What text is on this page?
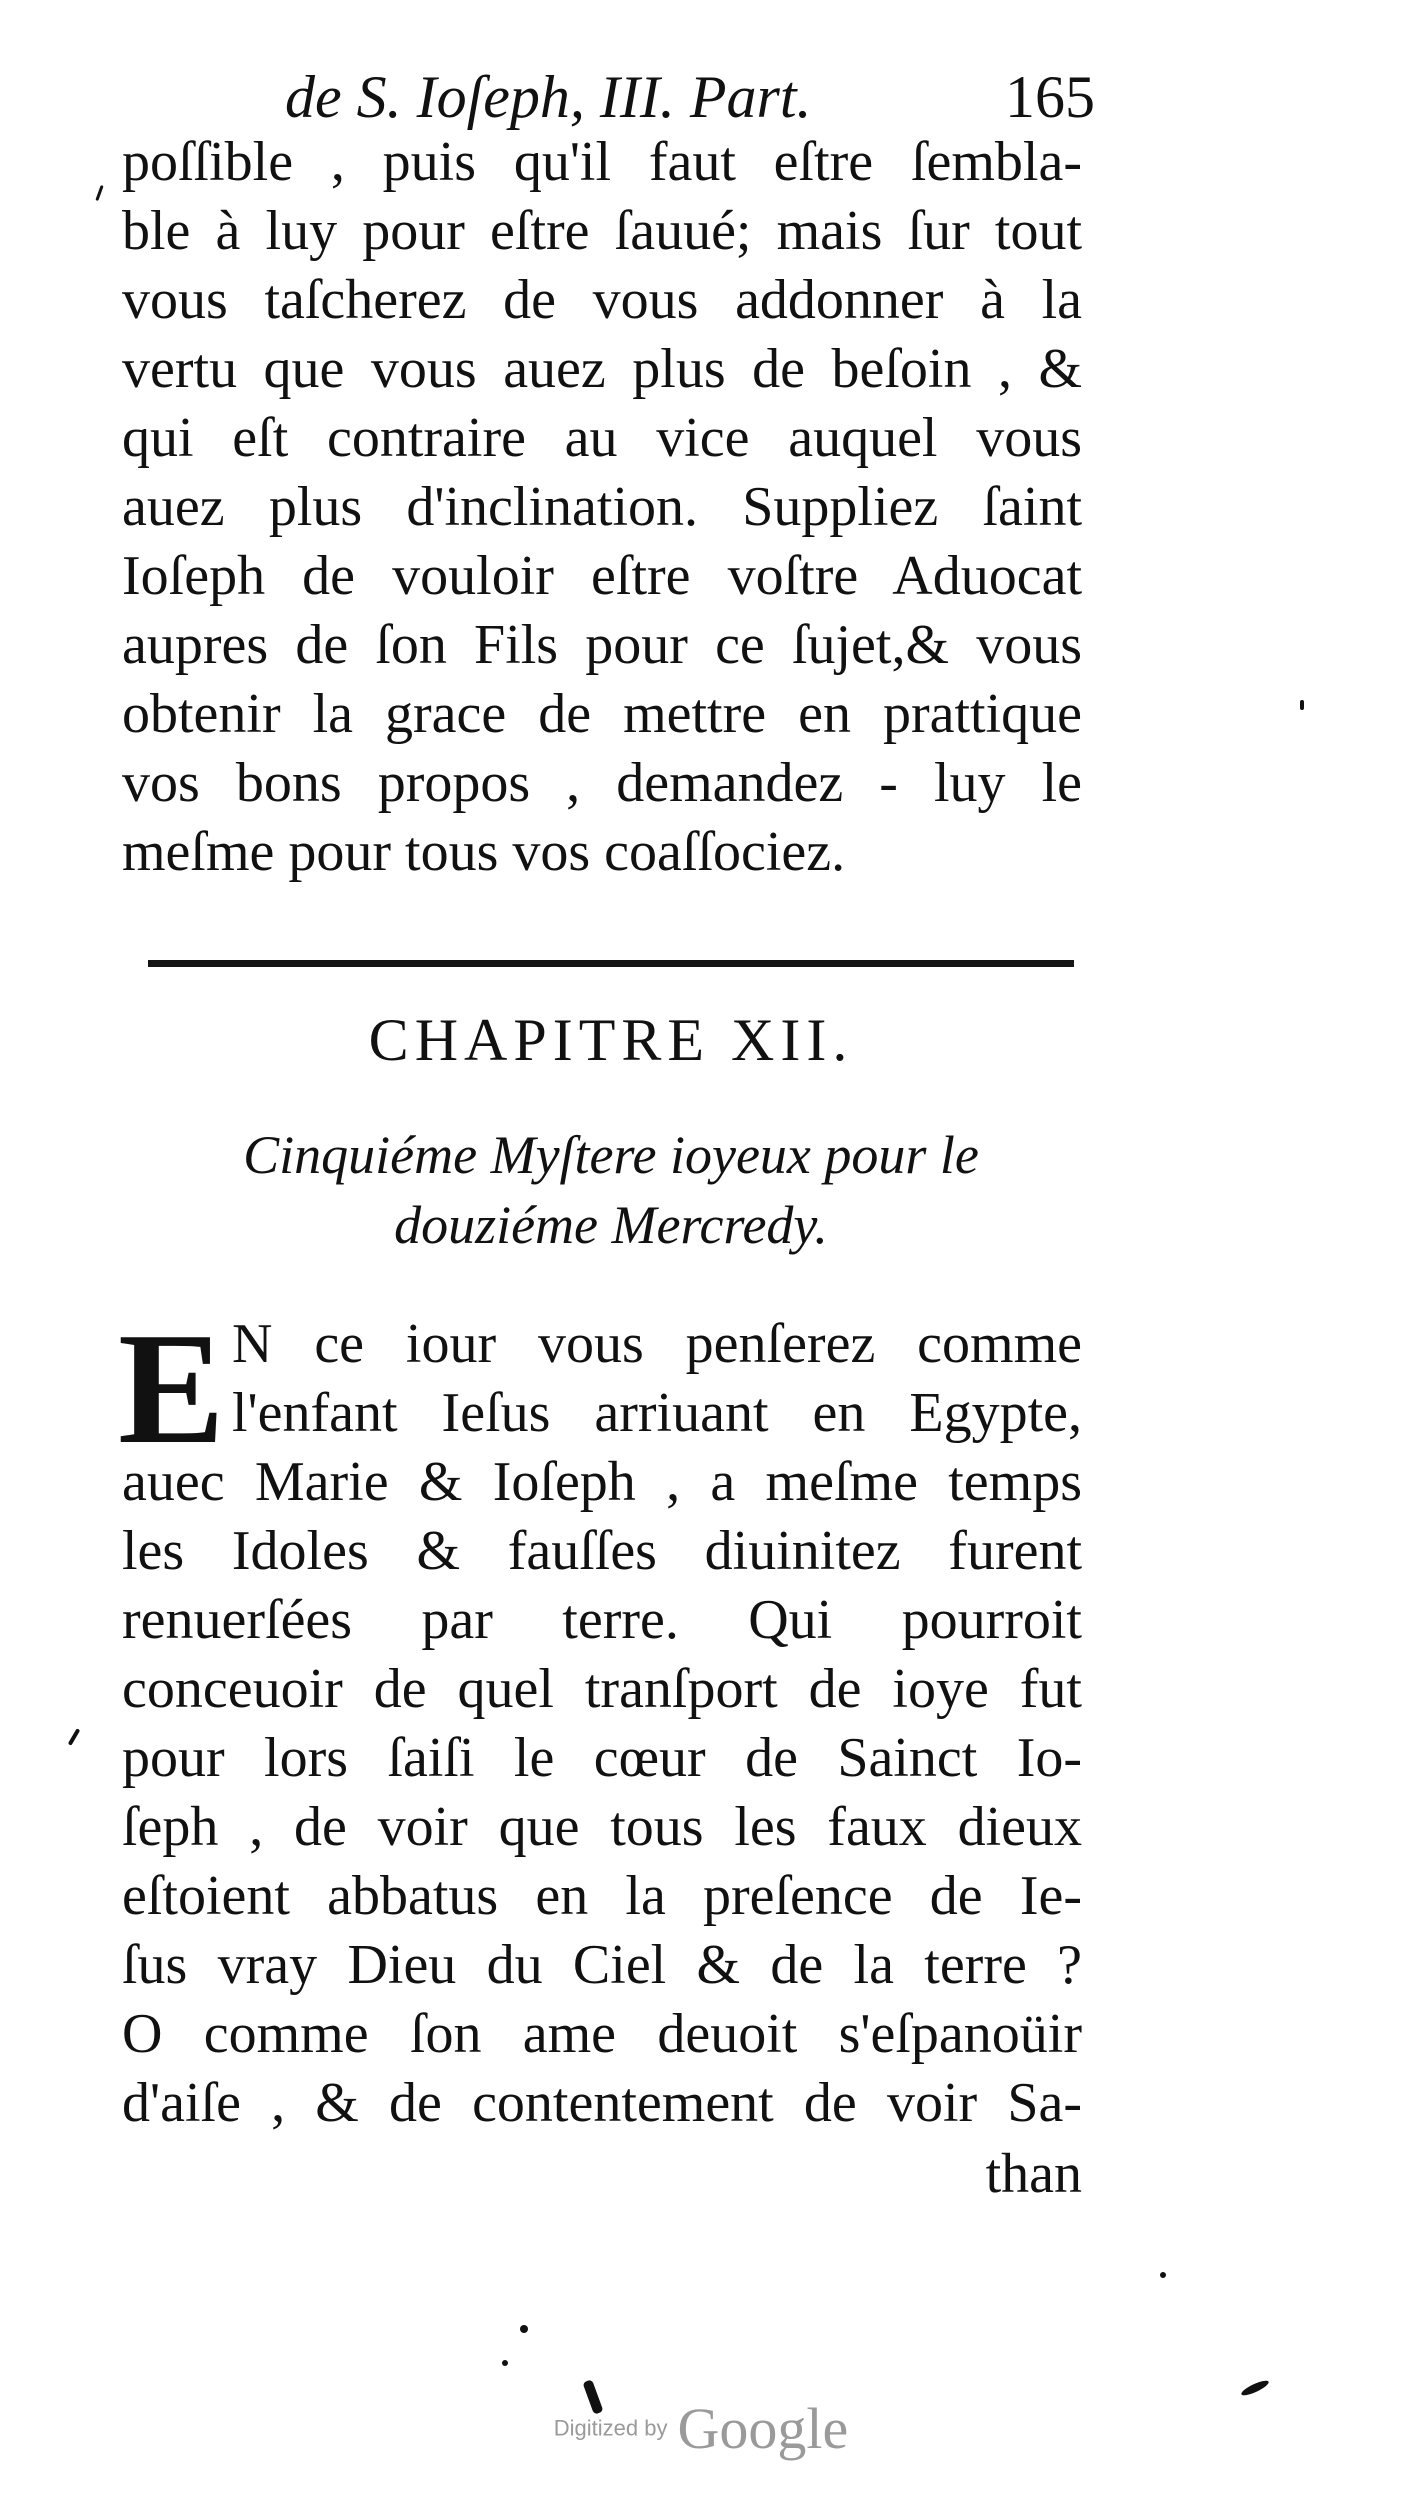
de S. Ioſeph, III. Part.	165
poſſible , puis qu'il faut eſtre ſembla-
ble à luy pour eſtre ſauué; mais ſur tout
vous taſcherez de vous addonner à la
vertu que vous auez plus de beſoin , &
qui eſt contraire au vice auquel vous
auez plus d'inclination. Suppliez ſaint
Ioſeph de vouloir eſtre voſtre Aduocat
aupres de ſon Fils pour ce ſujet,& vous
obtenir la grace de mettre en prattique
vos bons propos , demandez - luy le
meſme pour tous vos coaſſociez.
CHAPITRE XII.
Cinquiéme Myſtere ioyeux pour le
douziéme Mercredy.
E N ce iour vous penſerez comme
l'enfant Ieſus arriuant en Egypte,
auec Marie & Ioſeph , a meſme temps
les Idoles & fauſſes diuinitez furent
renuerſées par terre. Qui pourroit
conceuoir de quel tranſport de ioye fut
pour lors ſaiſi le cœur de Sainct Io-
ſeph , de voir que tous les faux dieux
eſtoient abbatus en la preſence de Ie-
ſus vray Dieu du Ciel & de la terre ?
O comme ſon ame deuoit s'eſpanoüir
d'aiſe , & de contentement de voir Sa-
than
Digitized by Google
